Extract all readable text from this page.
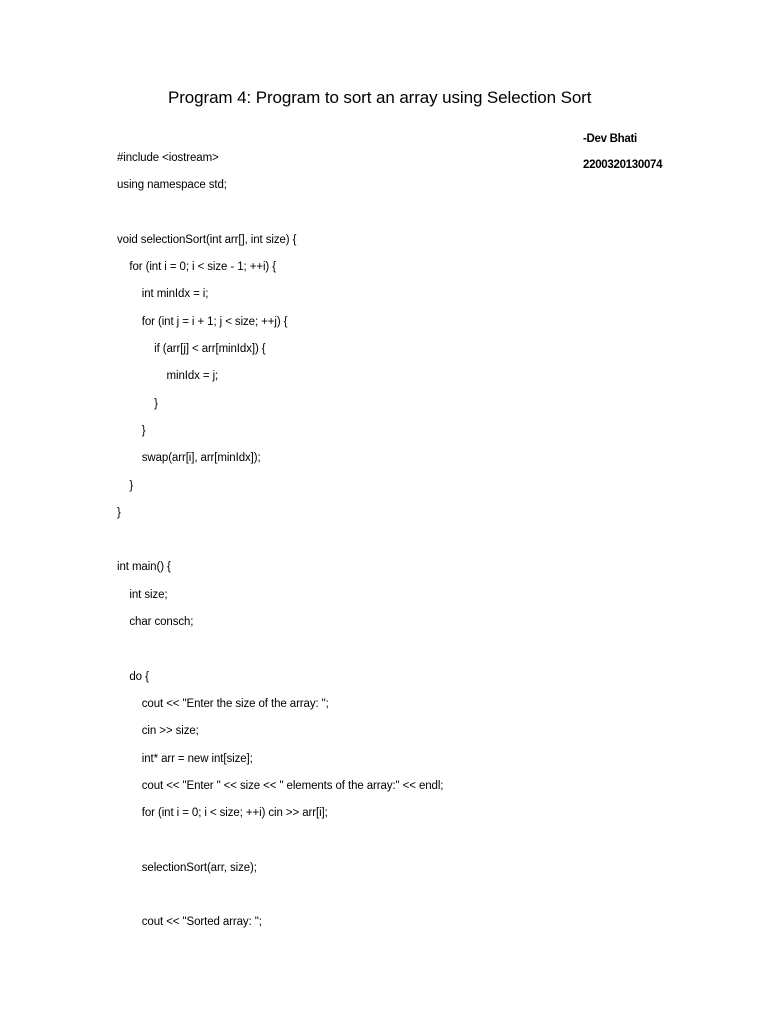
Program 4: Program to sort an array using Selection Sort
-Dev Bhati
2200320130074
#include <iostream>
using namespace std;
void selectionSort(int arr[], int size) {
for (int i = 0; i < size - 1; ++i) {
int minIdx = i;
for (int j = i + 1; j < size; ++j) {
if (arr[j] < arr[minIdx]) {
minIdx = j;
}
}
swap(arr[i], arr[minIdx]);
}
}
int main() {
int size;
char consch;
do {
cout << "Enter the size of the array: ";
cin >> size;
int* arr = new int[size];
cout << "Enter " << size << " elements of the array:" << endl;
for (int i = 0; i < size; ++i) cin >> arr[i];
selectionSort(arr, size);
cout << "Sorted array: ";
